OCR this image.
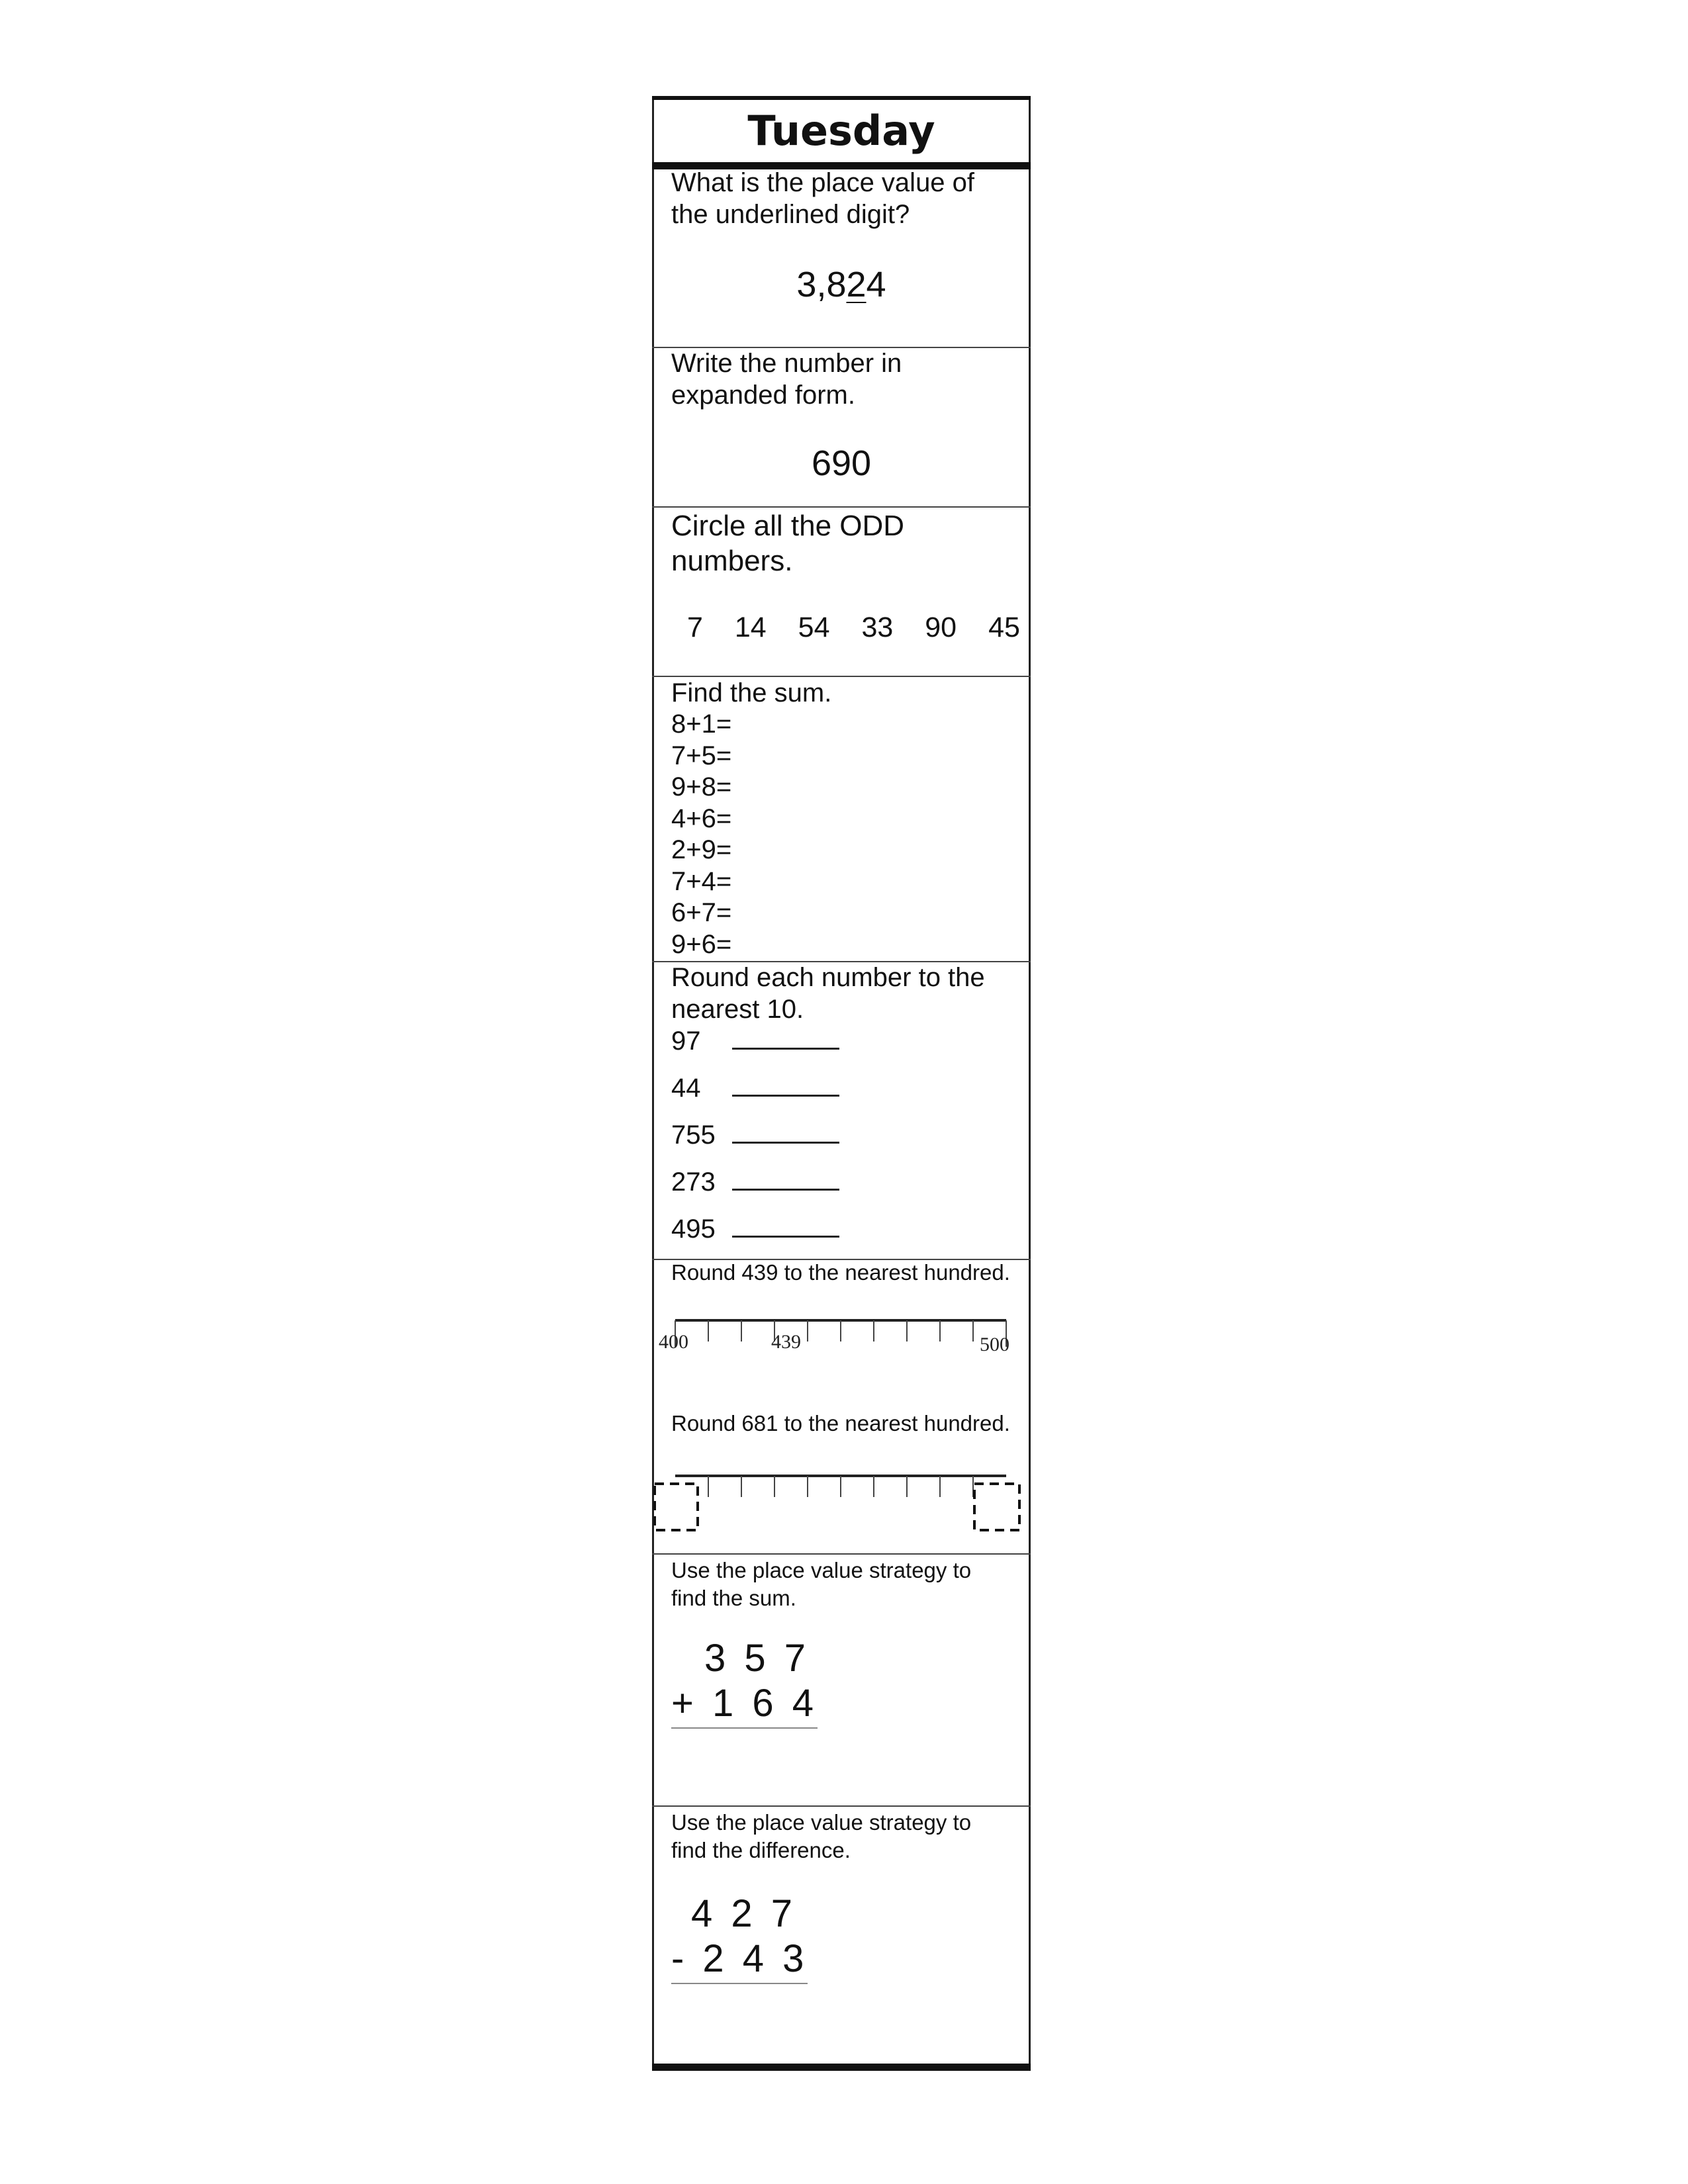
Tuesday
What is the place value of
the underlined digit?
3,824
Write the number in
expanded form.
690
Circle all the ODD
numbers.
7 14 54 33 90 45
Find the sum.
8+1=
7+5=
9+8=
4+6=
2+9=
7+4=
6+7=
9+6=
Round each number to the
nearest 10.
97
44
755
273
495
Round 439 to the nearest hundred.
400	439	500
Round 681 to the nearest hundred.
Use the place value strategy to
find the sum.
3 5 7
+ 1 6 4
Use the place value strategy to
find the difference.
4 2 7
- 2 4 3
